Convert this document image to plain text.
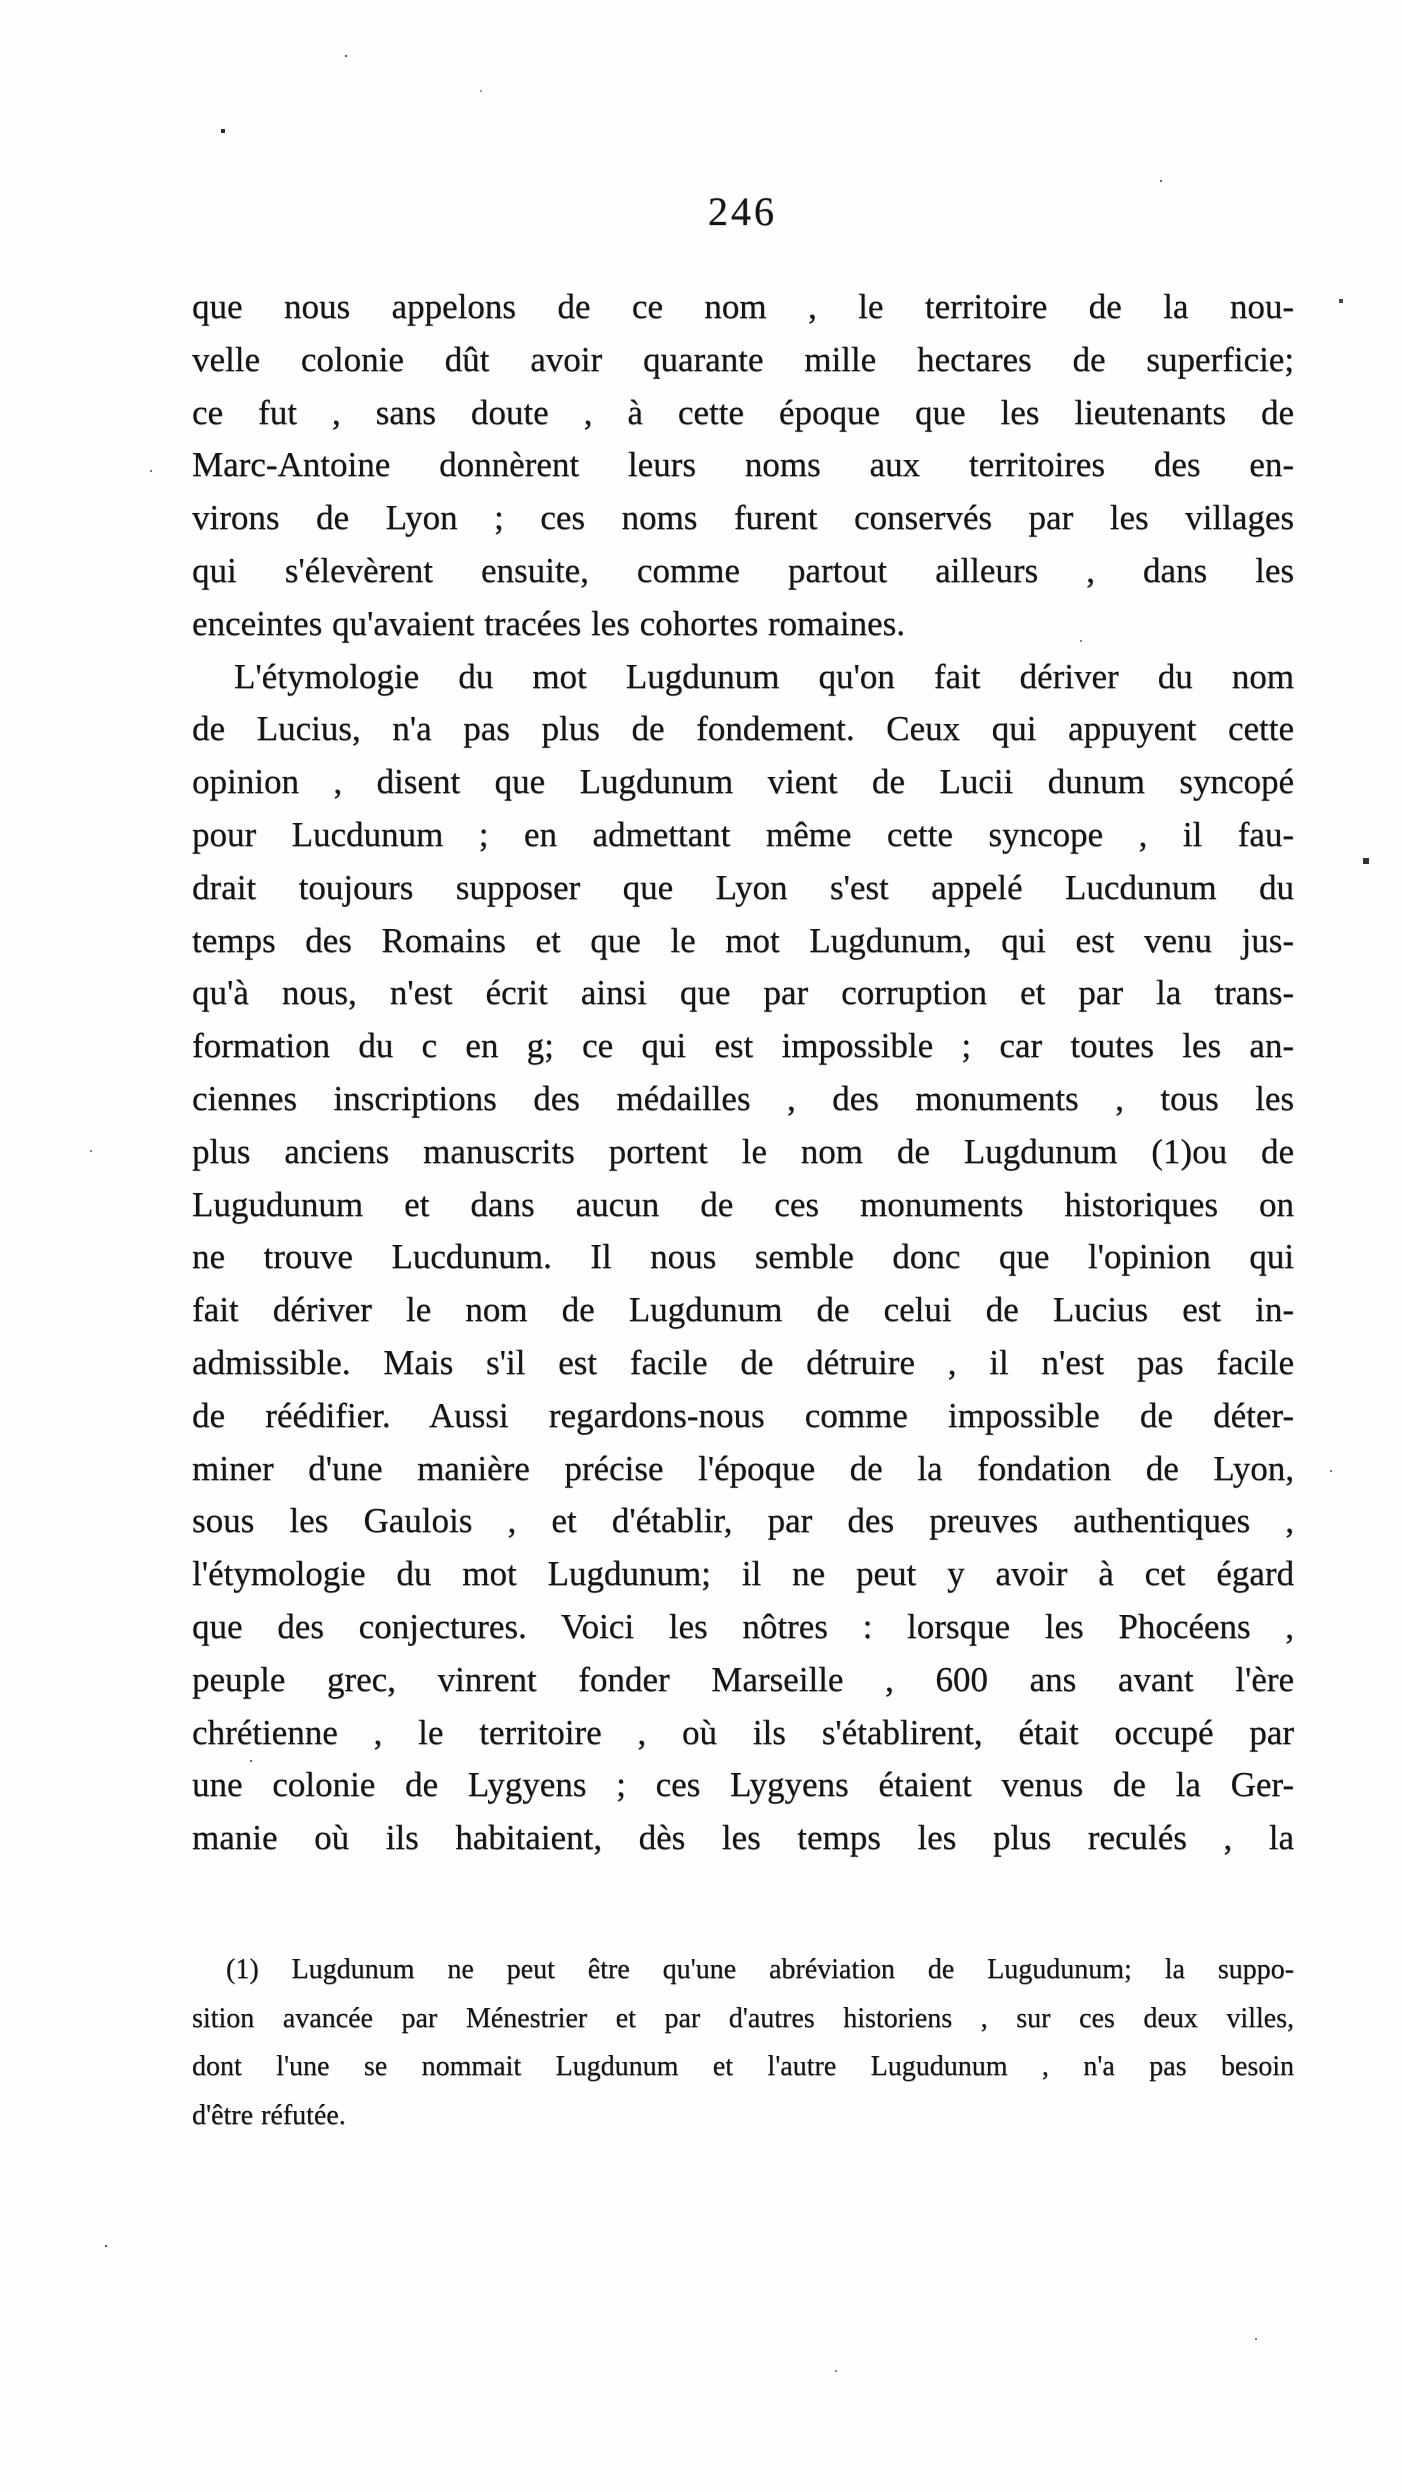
246
que nous appelons de ce nom , le territoire de la nou-
velle colonie dût avoir quarante mille hectares de superficie;
ce fut , sans doute , à cette époque que les lieutenants de
Marc-Antoine donnèrent leurs noms aux territoires des en-
virons de Lyon ; ces noms furent conservés par les villages
qui s'élevèrent ensuite, comme partout ailleurs , dans les
enceintes qu'avaient tracées les cohortes romaines.
L'étymologie du mot Lugdunum qu'on fait dériver du nom
de Lucius, n'a pas plus de fondement. Ceux qui appuyent cette
opinion , disent que Lugdunum vient de Lucii dunum syncopé
pour Lucdunum ; en admettant même cette syncope , il fau-
drait toujours supposer que Lyon s'est appelé Lucdunum du
temps des Romains et que le mot Lugdunum, qui est venu jus-
qu'à nous, n'est écrit ainsi que par corruption et par la trans-
formation du c en g; ce qui est impossible ; car toutes les an-
ciennes inscriptions des médailles , des monuments , tous les
plus anciens manuscrits portent le nom de Lugdunum (1)ou de
Lugudunum et dans aucun de ces monuments historiques on
ne trouve Lucdunum. Il nous semble donc que l'opinion qui
fait dériver le nom de Lugdunum de celui de Lucius est in-
admissible. Mais s'il est facile de détruire , il n'est pas facile
de réédifier. Aussi regardons-nous comme impossible de déter-
miner d'une manière précise l'époque de la fondation de Lyon,
sous les Gaulois , et d'établir, par des preuves authentiques ,
l'étymologie du mot Lugdunum; il ne peut y avoir à cet égard
que des conjectures. Voici les nôtres : lorsque les Phocéens ,
peuple grec, vinrent fonder Marseille , 600 ans avant l'ère
chrétienne , le territoire , où ils s'établirent, était occupé par
une colonie de Lygyens ; ces Lygyens étaient venus de la Ger-
manie où ils habitaient, dès les temps les plus reculés , la
(1) Lugdunum ne peut être qu'une abréviation de Lugudunum; la suppo-
sition avancée par Ménestrier et par d'autres historiens , sur ces deux villes,
dont l'une se nommait Lugdunum et l'autre Lugudunum , n'a pas besoin
d'être réfutée.
